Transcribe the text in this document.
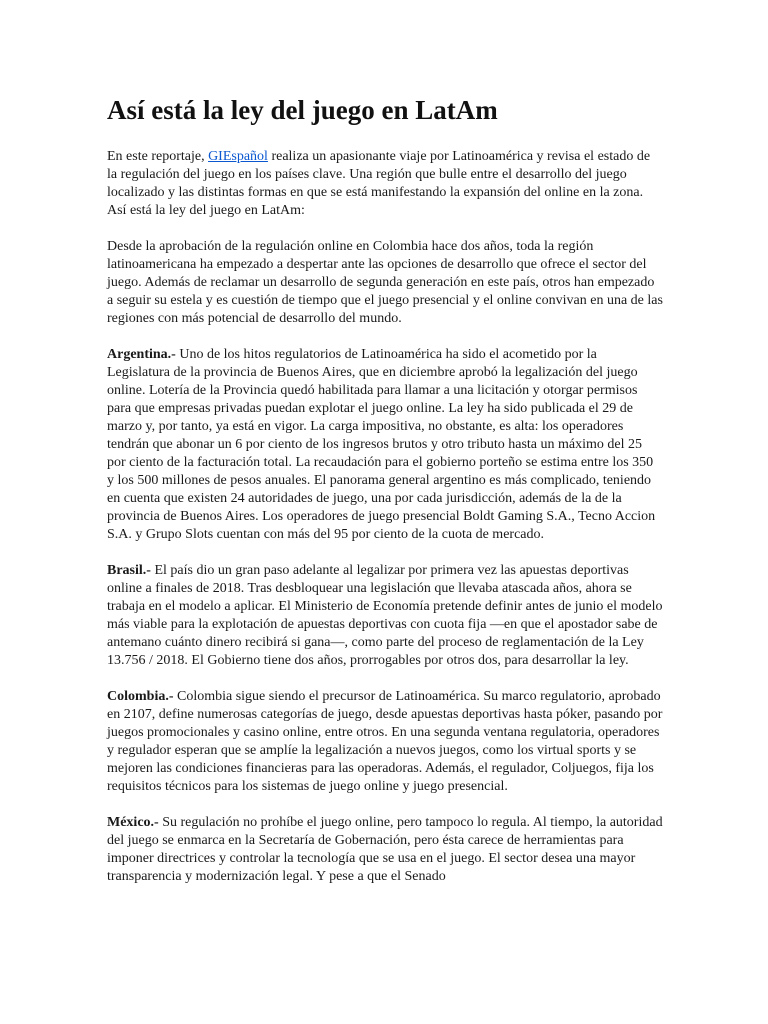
Así está la ley del juego en LatAm

En este reportaje, GIEspañol realiza un apasionante viaje por Latinoamérica y revisa el estado de la regulación del juego en los países clave. Una región que bulle entre el desarrollo del juego localizado y las distintas formas en que se está manifestando la expansión del online en la zona. Así está la ley del juego en LatAm:

Desde la aprobación de la regulación online en Colombia hace dos años, toda la región latinoamericana ha empezado a despertar ante las opciones de desarrollo que ofrece el sector del juego. Además de reclamar un desarrollo de segunda generación en este país, otros han empezado a seguir su estela y es cuestión de tiempo que el juego presencial y el online convivan en una de las regiones con más potencial de desarrollo del mundo.

Argentina.- Uno de los hitos regulatorios de Latinoamérica ha sido el acometido por la Legislatura de la provincia de Buenos Aires, que en diciembre aprobó la legalización del juego online. Lotería de la Provincia quedó habilitada para llamar a una licitación y otorgar permisos para que empresas privadas puedan explotar el juego online. La ley ha sido publicada el 29 de marzo y, por tanto, ya está en vigor. La carga impositiva, no obstante, es alta: los operadores tendrán que abonar un 6 por ciento de los ingresos brutos y otro tributo hasta un máximo del 25 por ciento de la facturación total. La recaudación para el gobierno porteño se estima entre los 350 y los 500 millones de pesos anuales. El panorama general argentino es más complicado, teniendo en cuenta que existen 24 autoridades de juego, una por cada jurisdicción, además de la de la provincia de Buenos Aires. Los operadores de juego presencial Boldt Gaming S.A., Tecno Accion S.A. y Grupo Slots cuentan con más del 95 por ciento de la cuota de mercado.

Brasil.- El país dio un gran paso adelante al legalizar por primera vez las apuestas deportivas online a finales de 2018. Tras desbloquear una legislación que llevaba atascada años, ahora se trabaja en el modelo a aplicar. El Ministerio de Economía pretende definir antes de junio el modelo más viable para la explotación de apuestas deportivas con cuota fija —en que el apostador sabe de antemano cuánto dinero recibirá si gana—, como parte del proceso de reglamentación de la Ley 13.756 / 2018. El Gobierno tiene dos años, prorrogables por otros dos, para desarrollar la ley.

Colombia.- Colombia sigue siendo el precursor de Latinoamérica. Su marco regulatorio, aprobado en 2107, define numerosas categorías de juego, desde apuestas deportivas hasta póker, pasando por juegos promocionales y casino online, entre otros. En una segunda ventana regulatoria, operadores y regulador esperan que se amplíe la legalización a nuevos juegos, como los virtual sports y se mejoren las condiciones financieras para las operadoras. Además, el regulador, Coljuegos, fija los requisitos técnicos para los sistemas de juego online y juego presencial.

México.- Su regulación no prohíbe el juego online, pero tampoco lo regula. Al tiempo, la autoridad del juego se enmarca en la Secretaría de Gobernación, pero ésta carece de herramientas para imponer directrices y controlar la tecnología que se usa en el juego. El sector desea una mayor transparencia y modernización legal. Y pese a que el Senado
